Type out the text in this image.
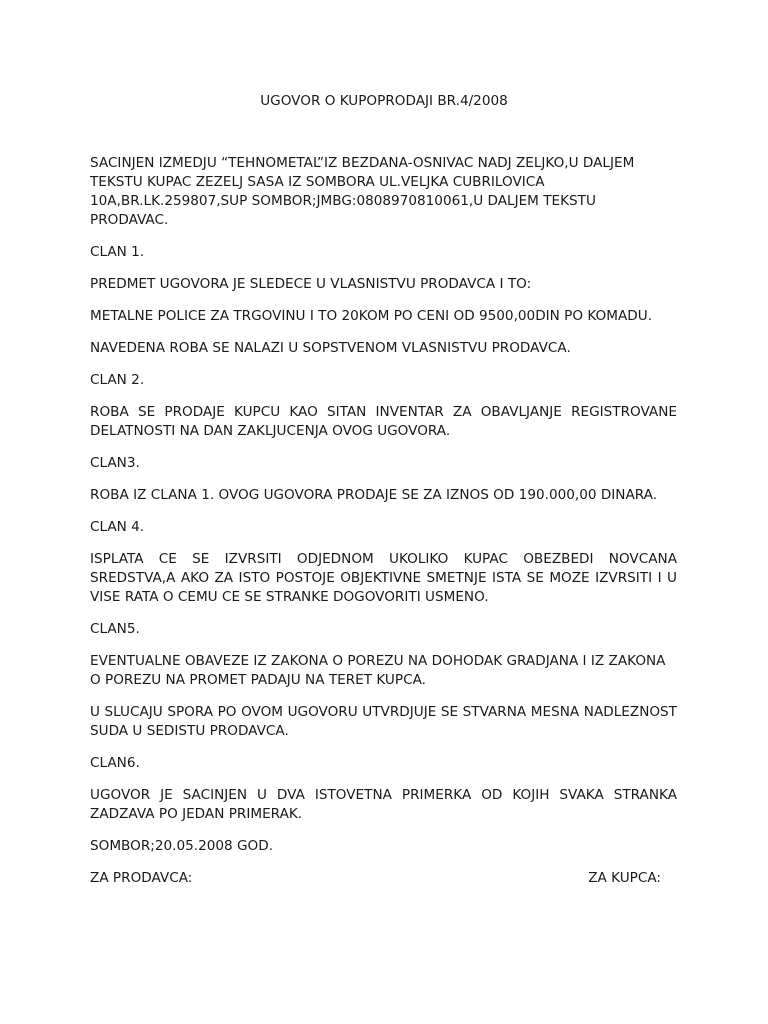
UGOVOR O KUPOPRODAJI BR.4/2008

SACINJEN IZMEDJU “TEHNOMETAL”IZ BEZDANA-OSNIVAC NADJ ZELJKO,U DALJEM
TEKSTU KUPAC ZEZELJ SASA IZ SOMBORA UL.VELJKA CUBRILOVICA
10A,BR.LK.259807,SUP SOMBOR;JMBG:0808970810061,U DALJEM TEKSTU
PRODAVAC.

CLAN 1.

PREDMET UGOVORA JE SLEDECE U VLASNISTVU PRODAVCA I TO:

METALNE POLICE ZA TRGOVINU I TO 20KOM PO CENI OD 9500,00DIN PO KOMADU.

NAVEDENA ROBA SE NALAZI U SOPSTVENOM VLASNISTVU PRODAVCA.

CLAN 2.

ROBA SE PRODAJE KUPCU KAO SITAN INVENTAR ZA OBAVLJANJE REGISTROVANE DELATNOSTI NA DAN ZAKLJUCENJA OVOG UGOVORA.

CLAN3.

ROBA IZ CLANA 1. OVOG UGOVORA PRODAJE SE ZA IZNOS OD 190.000,00 DINARA.

CLAN 4.

ISPLATA CE SE IZVRSITI ODJEDNOM UKOLIKO KUPAC OBEZBEDI NOVCANA SREDSTVA,A AKO ZA ISTO POSTOJE OBJEKTIVNE SMETNJE ISTA SE MOZE IZVRSITI I U VISE RATA O CEMU CE SE STRANKE DOGOVORITI USMENO.

CLAN5.

EVENTUALNE OBAVEZE IZ ZAKONA O POREZU NA DOHODAK GRADJANA I IZ ZAKONA O POREZU NA PROMET PADAJU NA TERET KUPCA.

U SLUCAJU SPORA PO OVOM UGOVORU UTVRDJUJE SE STVARNA MESNA NADLEZNOST SUDA U SEDISTU PRODAVCA.

CLAN6.

UGOVOR JE SACINJEN U DVA ISTOVETNA PRIMERKA OD KOJIH SVAKA STRANKA ZADZAVA PO JEDAN PRIMERAK.

SOMBOR;20.05.2008 GOD.

ZA PRODAVCA:	ZA KUPCA:
